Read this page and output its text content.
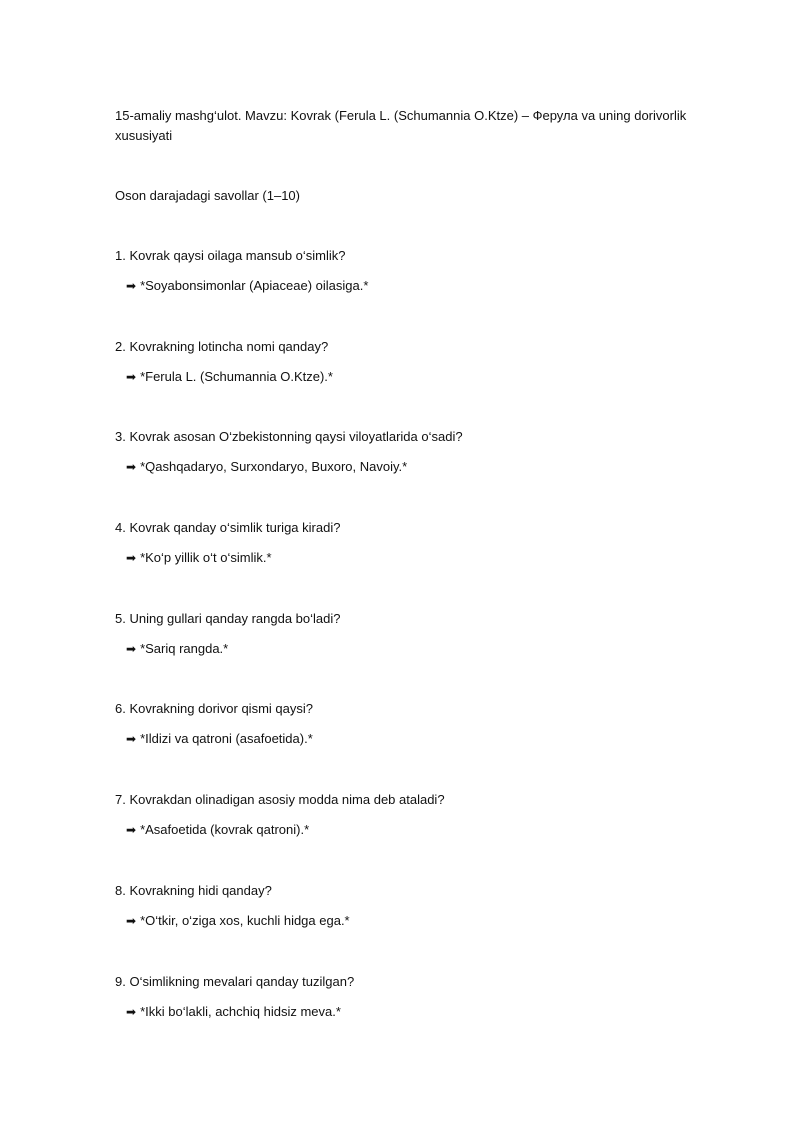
15-amaliy mashg‘ulot. Mavzu: Kovrak (Ferula L. (Schumannia O.Ktze) – Ферула va uning dorivorlik xususiyati

Oson darajadagi savollar (1–10)

1. Kovrak qaysi oilaga mansub o‘simlik?

➡ *Soyabonsimonlar (Apiaceae) oilasiga.*

2. Kovrakning lotincha nomi qanday?

➡ *Ferula L. (Schumannia O.Ktze).*

3. Kovrak asosan O‘zbekistonning qaysi viloyatlarida o‘sadi?

➡ *Qashqadaryo, Surxondaryo, Buxoro, Navoiy.*

4. Kovrak qanday o‘simlik turiga kiradi?

➡ *Ko‘p yillik o‘t o‘simlik.*

5. Uning gullari qanday rangda bo‘ladi?

➡ *Sariq rangda.*

6. Kovrakning dorivor qismi qaysi?

➡ *Ildizi va qatroni (asafoetida).*

7. Kovrakdan olinadigan asosiy modda nima deb ataladi?

➡ *Asafoetida (kovrak qatroni).*

8. Kovrakning hidi qanday?

➡ *O‘tkir, o‘ziga xos, kuchli hidga ega.*

9. O‘simlikning mevalari qanday tuzilgan?

➡ *Ikki bo‘lakli, achchiq hidsiz meva.*
